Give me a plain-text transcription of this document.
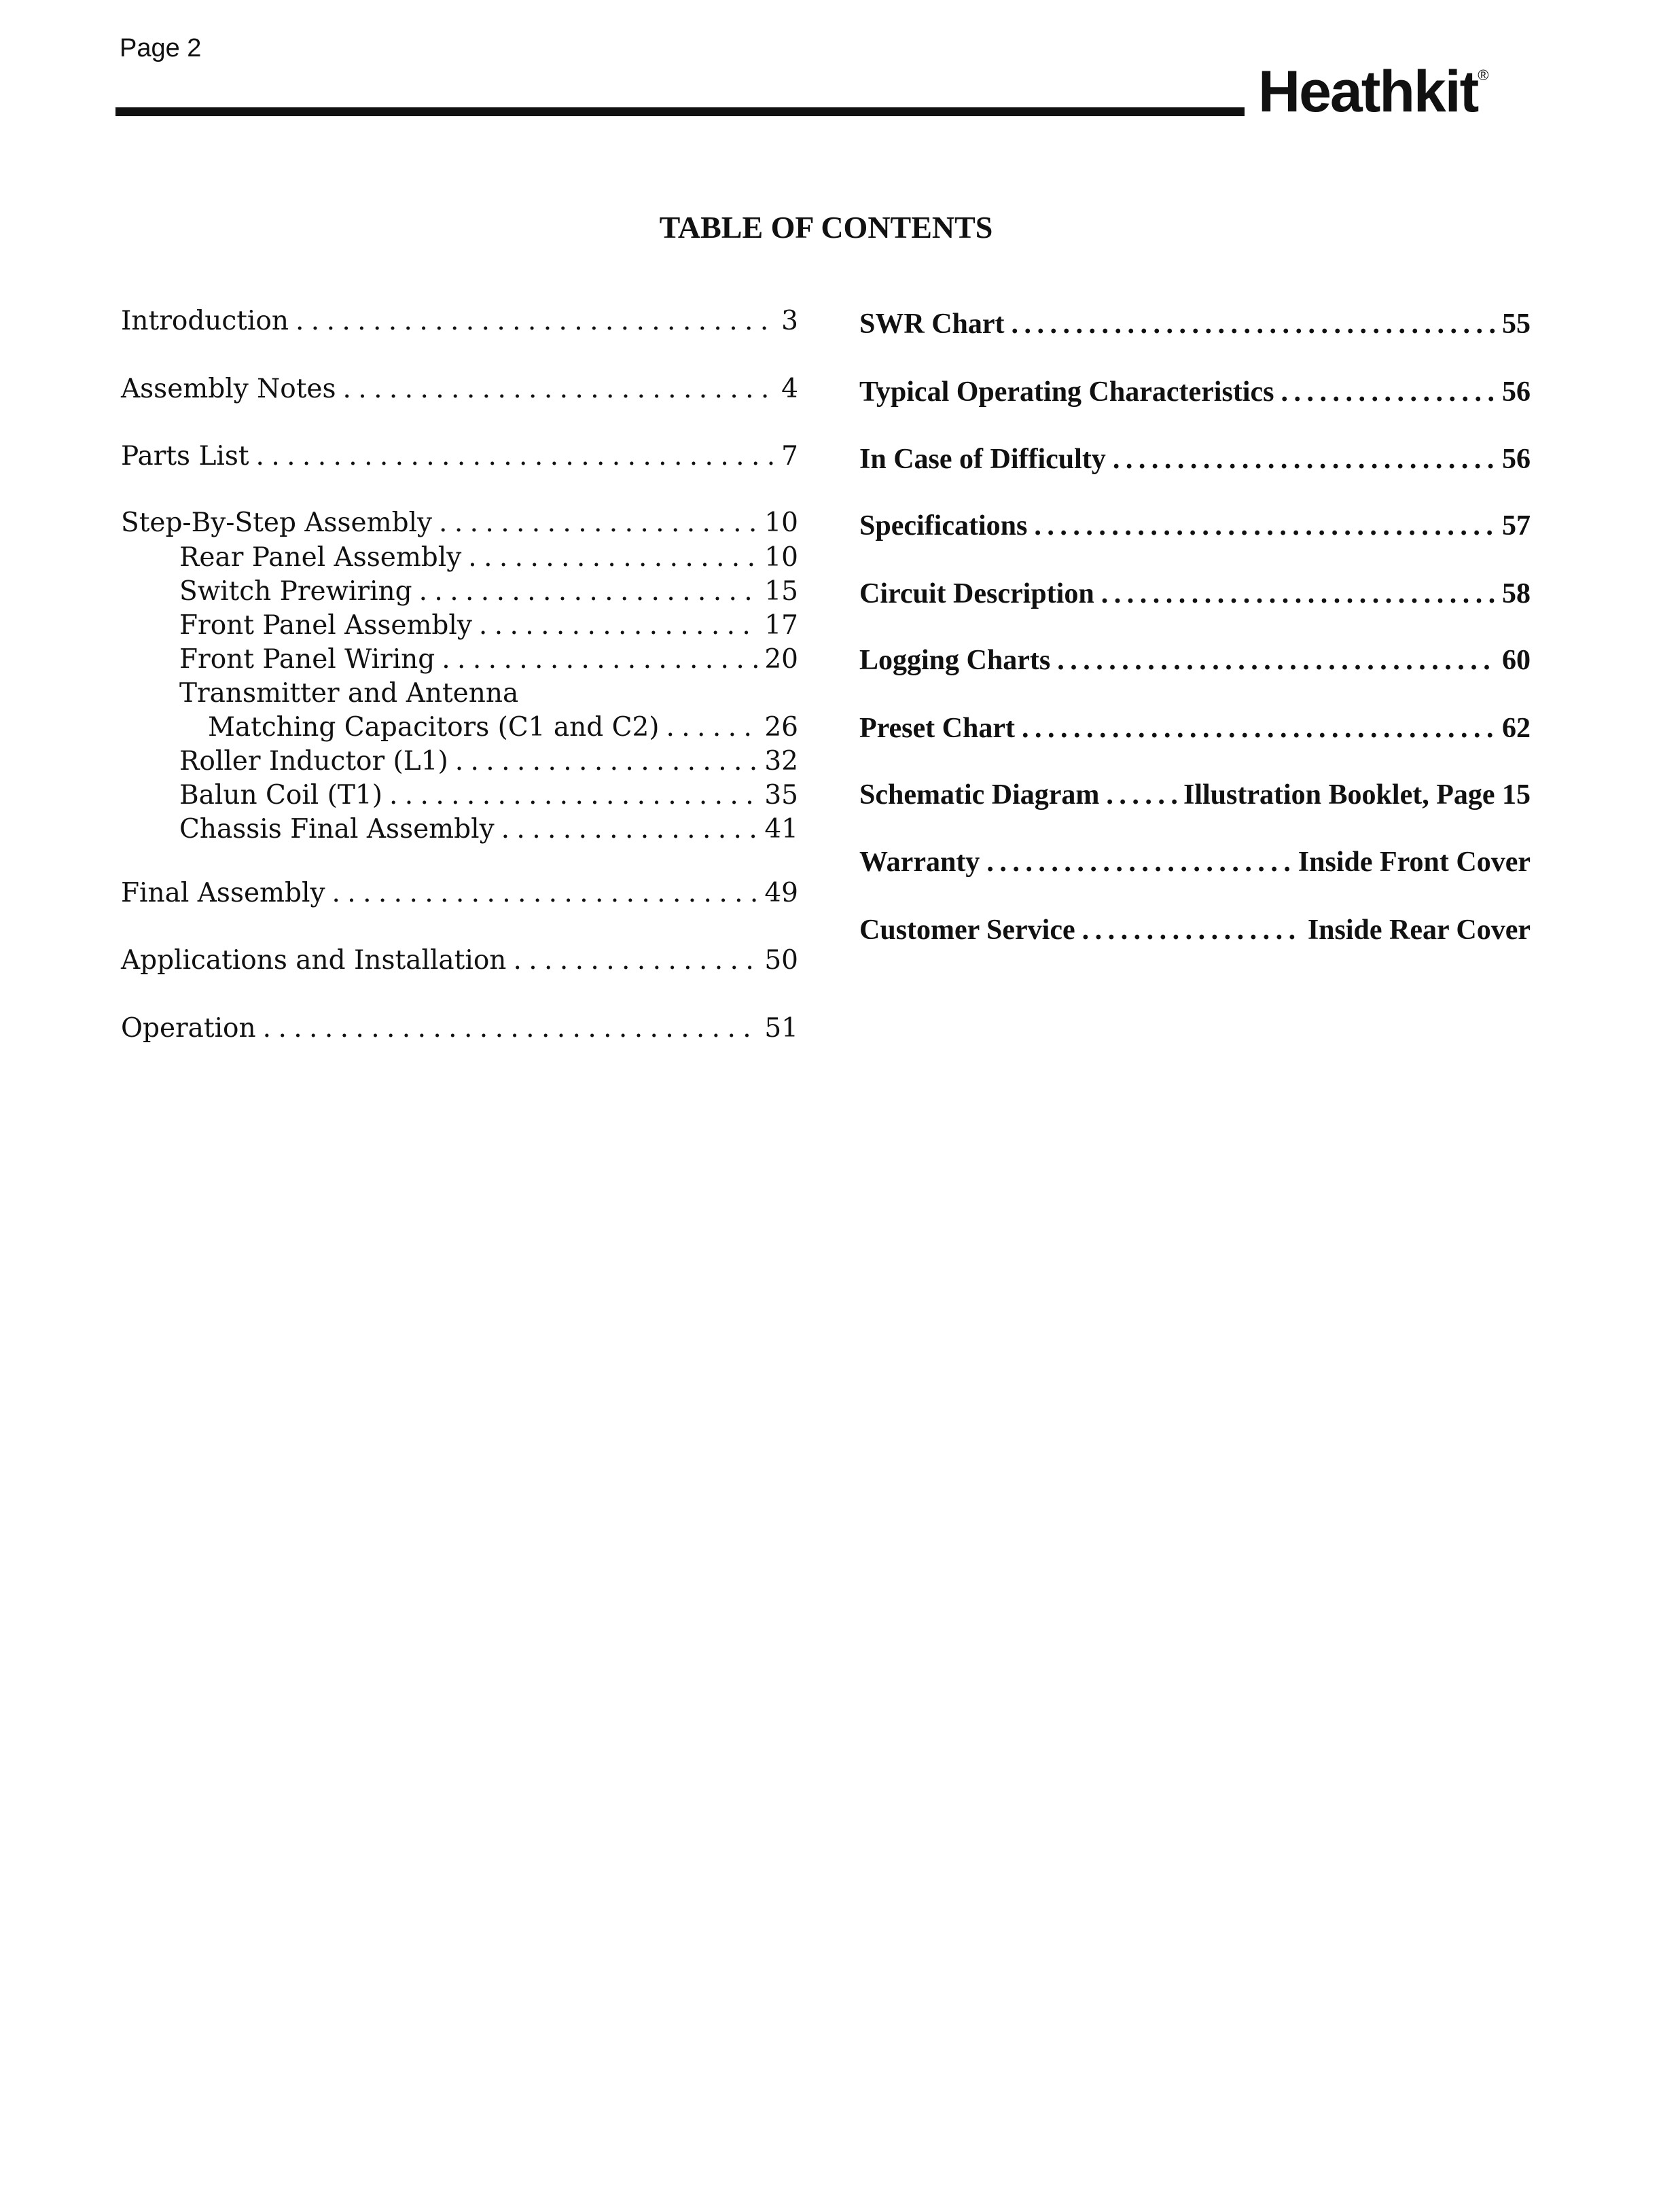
Page 2
Heathkit®
TABLE OF CONTENTS
Introduction . . .	3
Assembly Notes . . .	4
Parts List . . .	7
Step-By-Step Assembly . . .	10
Rear Panel Assembly . . .	10
Switch Prewiring . . .	15
Front Panel Assembly . . .	17
Front Panel Wiring . . .	20
Transmitter and Antenna
Matching Capacitors (C1 and C2) . . .	26
Roller Inductor (L1) . . .	32
Balun Coil (T1) . . .	35
Chassis Final Assembly . . .	41
Final Assembly . . .	49
Applications and Installation . . .	50
Operation . . .	51
SWR Chart . . .	55
Typical Operating Characteristics . . .	56
In Case of Difficulty . . .	56
Specifications . . .	57
Circuit Description . . .	58
Logging Charts . . .	60
Preset Chart . . .	62
Schematic Diagram . . .	Illustration Booklet, Page 15
Warranty . . .	Inside Front Cover
Customer Service . . .	Inside Rear Cover
